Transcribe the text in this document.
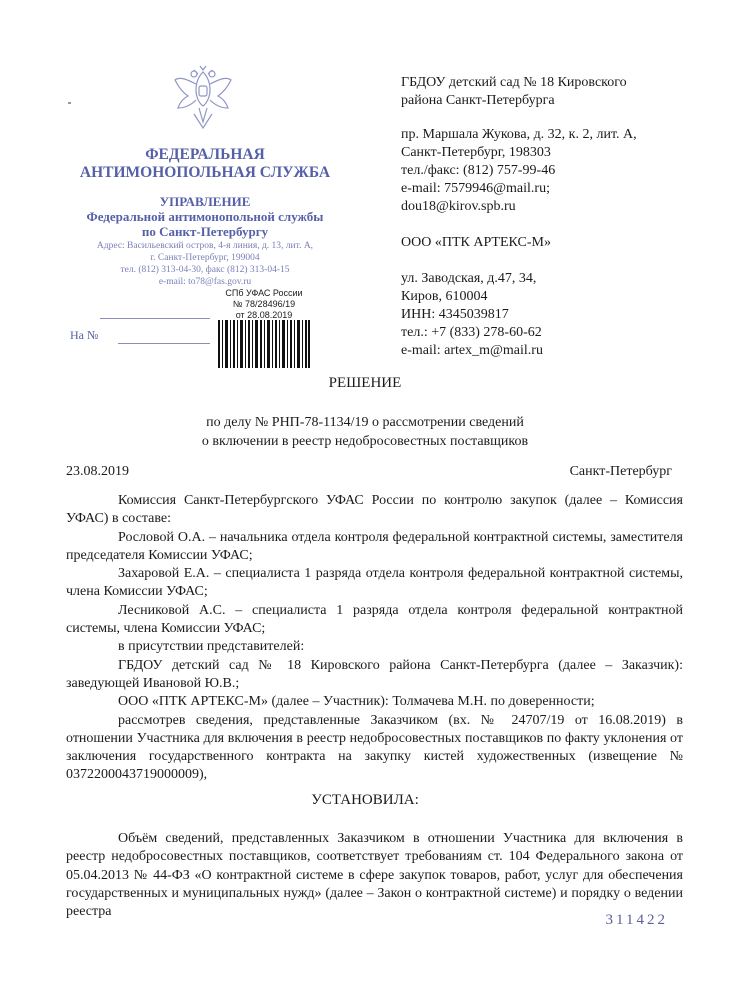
ФЕДЕРАЛЬНАЯ
АНТИМОНОПОЛЬНАЯ СЛУЖБА
УПРАВЛЕНИЕ
Федеральной антимонопольной службы
по Санкт-Петербургу
Адрес: Васильевский остров, 4-я линия, д. 13, лит. А,
г. Санкт-Петербург, 199004
тел. (812) 313-04-30, факс (812) 313-04-15
e-mail: to78@fas.gov.ru
СПб УФАС России
№ 78/28496/19
от 28.08.2019
На №
ГБДОУ детский сад № 18 Кировского
района Санкт-Петербурга
пр. Маршала Жукова, д. 32, к. 2, лит. А,
Санкт-Петербург, 198303
тел./факс: (812) 757-99-46
e-mail: 7579946@mail.ru;
dou18@kirov.spb.ru
ООО «ПТК АРТЕКС-М»
ул. Заводская, д.47, 34,
Киров, 610004
ИНН: 4345039817
тел.: +7 (833) 278-60-62
e-mail: artex_m@mail.ru
РЕШЕНИЕ
по делу № РНП-78-1134/19 о рассмотрении сведений
о включении в реестр недобросовестных поставщиков
23.08.2019	Санкт-Петербург

Комиссия Санкт-Петербургского УФАС России по контролю закупок (далее – Комиссия УФАС) в составе:

Рословой О.А. – начальника отдела контроля федеральной контрактной системы, заместителя председателя Комиссии УФАС;

Захаровой Е.А. – специалиста 1 разряда отдела контроля федеральной контрактной системы, члена Комиссии УФАС;

Лесниковой А.С. – специалиста 1 разряда отдела контроля федеральной контрактной системы, члена Комиссии УФАС;

в присутствии представителей:

ГБДОУ детский сад № 18 Кировского района Санкт-Петербурга (далее – Заказчик): заведующей Ивановой Ю.В.;

ООО «ПТК АРТЕКС-М» (далее – Участник): Толмачева М.Н. по доверенности;

рассмотрев сведения, представленные Заказчиком (вх. № 24707/19 от 16.08.2019) в отношении Участника для включения в реестр недобросовестных поставщиков по факту уклонения от заключения государственного контракта на закупку кистей художественных (извещение № 0372200043719000009),

УСТАНОВИЛА:

Объём сведений, представленных Заказчиком в отношении Участника для включения в реестр недобросовестных поставщиков, соответствует требованиям ст. 104 Федерального закона от 05.04.2013 № 44-ФЗ «О контрактной системе в сфере закупок товаров, работ, услуг для обеспечения государственных и муниципальных нужд» (далее – Закон о контрактной системе) и порядку о ведении реестра

311422
